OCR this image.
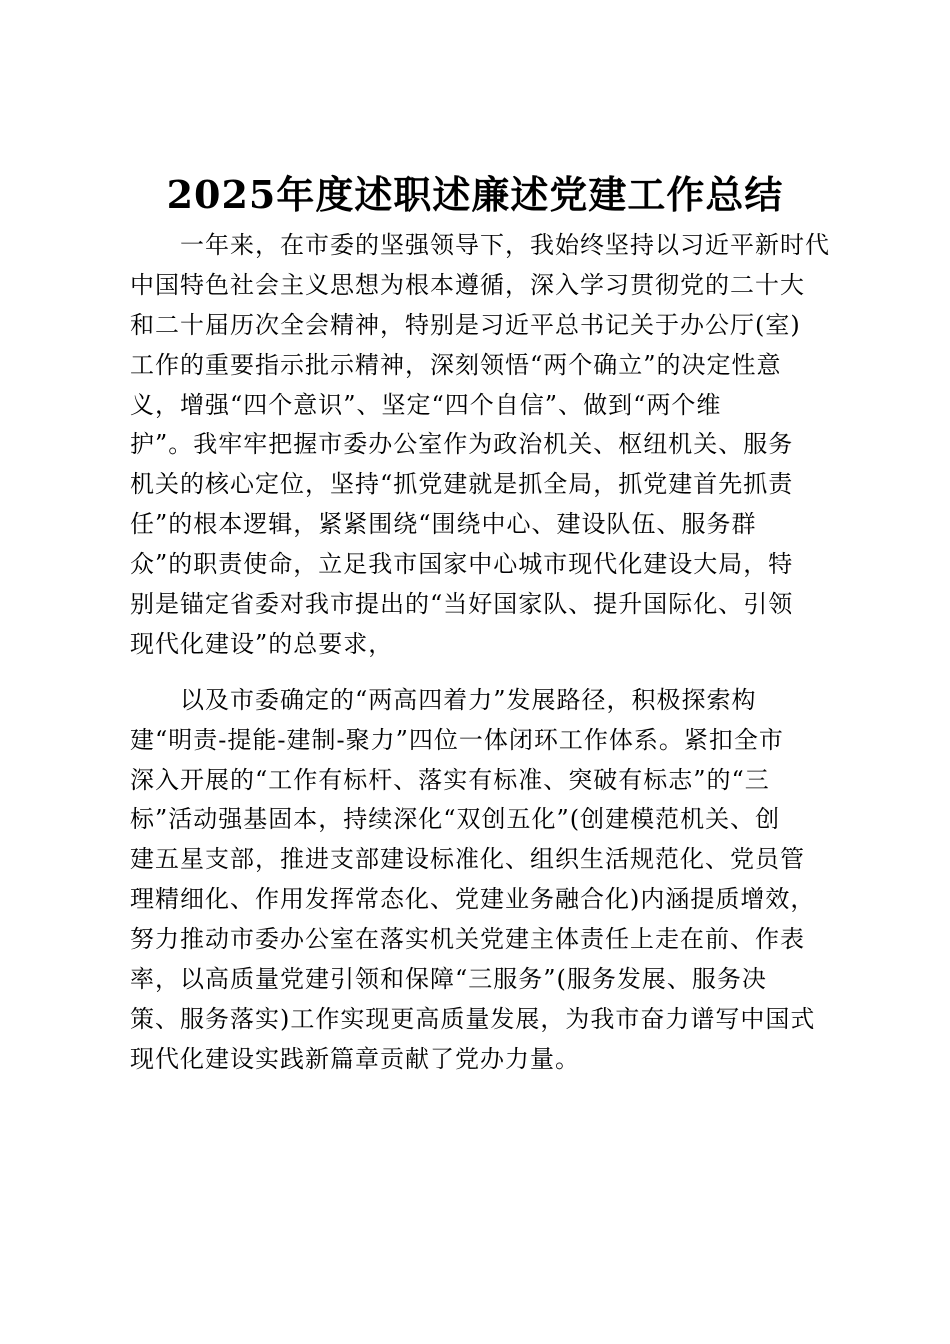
2025年度述职述廉述党建工作总结
一年来，在市委的坚强领导下，我始终坚持以习近平新时代
中国特色社会主义思想为根本遵循，深入学习贯彻党的二十大
和二十届历次全会精神，特别是习近平总书记关于办公厅(室)
工作的重要指示批示精神，深刻领悟“两个确立”的决定性意
义，增强“四个意识”、坚定“四个自信”、做到“两个维
护”。我牢牢把握市委办公室作为政治机关、枢纽机关、服务
机关的核心定位，坚持“抓党建就是抓全局，抓党建首先抓责
任”的根本逻辑，紧紧围绕“围绕中心、建设队伍、服务群
众”的职责使命，立足我市国家中心城市现代化建设大局，特
别是锚定省委对我市提出的“当好国家队、提升国际化、引领
现代化建设”的总要求，
以及市委确定的“两高四着力”发展路径，积极探索构
建“明责-提能-建制-聚力”四位一体闭环工作体系。紧扣全市
深入开展的“工作有标杆、落实有标准、突破有标志”的“三
标”活动强基固本，持续深化“双创五化”(创建模范机关、创
建五星支部，推进支部建设标准化、组织生活规范化、党员管
理精细化、作用发挥常态化、党建业务融合化)内涵提质增效，
努力推动市委办公室在落实机关党建主体责任上走在前、作表
率，以高质量党建引领和保障“三服务”(服务发展、服务决
策、服务落实)工作实现更高质量发展，为我市奋力谱写中国式
现代化建设实践新篇章贡献了党办力量。
